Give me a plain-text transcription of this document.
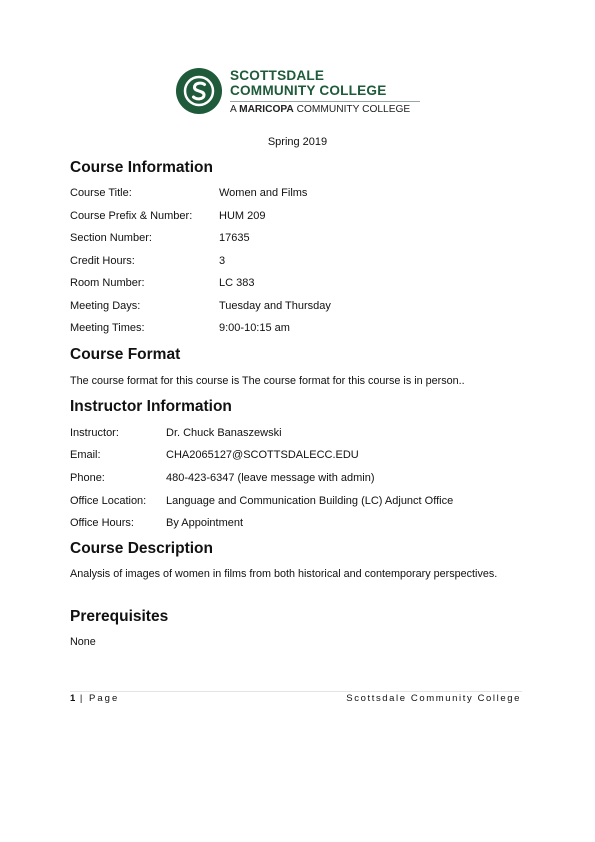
SCOTTSDALE
COMMUNITY COLLEGE
A MARICOPA COMMUNITY COLLEGE
Spring 2019
Course Information
Course Title:	Women and Films
Course Prefix & Number: HUM 209
Section Number:	17635
Credit Hours:	3
Room Number:	LC 383
Meeting Days:	Tuesday and Thursday
Meeting Times:	9:00-10:15 am
Course Format
The course format for this course is The course format for this course is in person..
Instructor Information
Instructor:	Dr. Chuck Banaszewski
Email:	CHA2065127@SCOTTSDALECC.EDU
Phone:	480-423-6347 (leave message with admin)
Office Location: Language and Communication Building (LC) Adjunct Office
Office Hours:	By Appointment
Course Description
Analysis of images of women in films from both historical and contemporary perspectives.
Prerequisites
None
1 | Page	Scottsdale Community College
